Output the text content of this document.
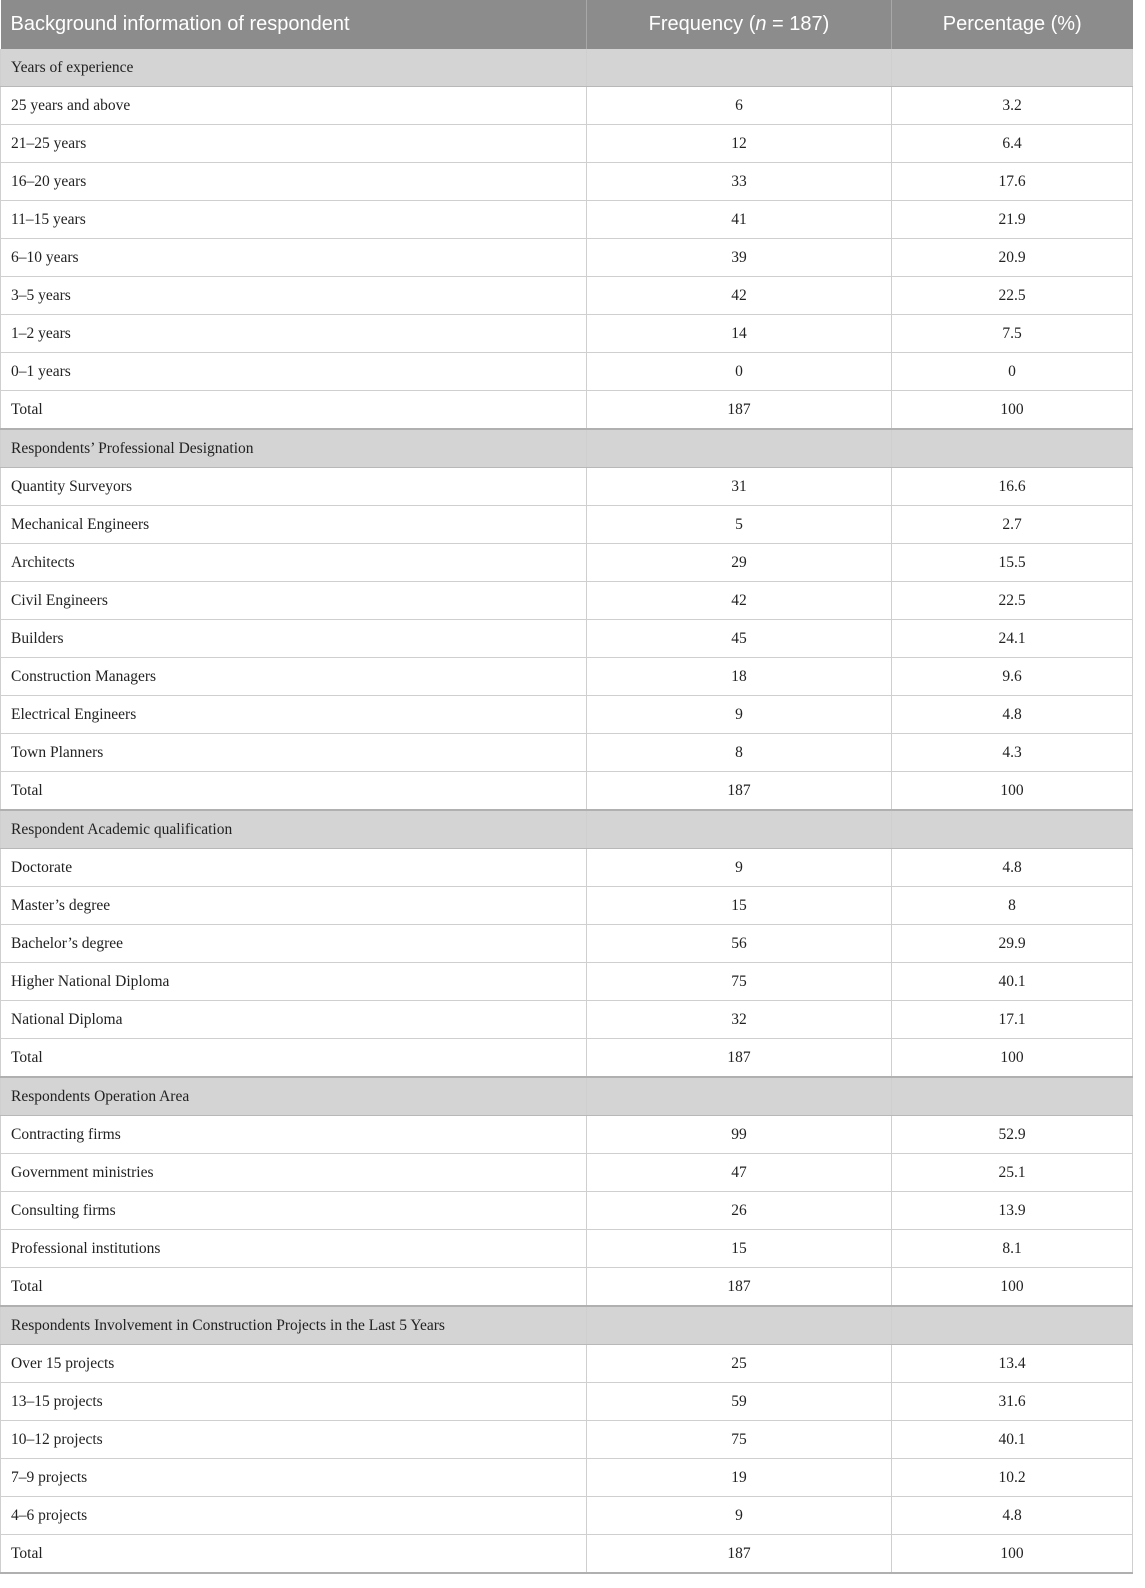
Background information of respondent	Frequency (n = 187)	Percentage (%)
Years of experience		
25 years and above	6	3.2
21–25 years	12	6.4
16–20 years	33	17.6
11–15 years	41	21.9
6–10 years	39	20.9
3–5 years	42	22.5
1–2 years	14	7.5
0–1 years	0	0
Total	187	100
Respondents’ Professional Designation		
Quantity Surveyors	31	16.6
Mechanical Engineers	5	2.7
Architects	29	15.5
Civil Engineers	42	22.5
Builders	45	24.1
Construction Managers	18	9.6
Electrical Engineers	9	4.8
Town Planners	8	4.3
Total	187	100
Respondent Academic qualification		
Doctorate	9	4.8
Master’s degree	15	8
Bachelor’s degree	56	29.9
Higher National Diploma	75	40.1
National Diploma	32	17.1
Total	187	100
Respondents Operation Area		
Contracting firms	99	52.9
Government ministries	47	25.1
Consulting firms	26	13.9
Professional institutions	15	8.1
Total	187	100
Respondents Involvement in Construction Projects in the Last 5 Years		
Over 15 projects	25	13.4
13–15 projects	59	31.6
10–12 projects	75	40.1
7–9 projects	19	10.2
4–6 projects	9	4.8
Total	187	100
